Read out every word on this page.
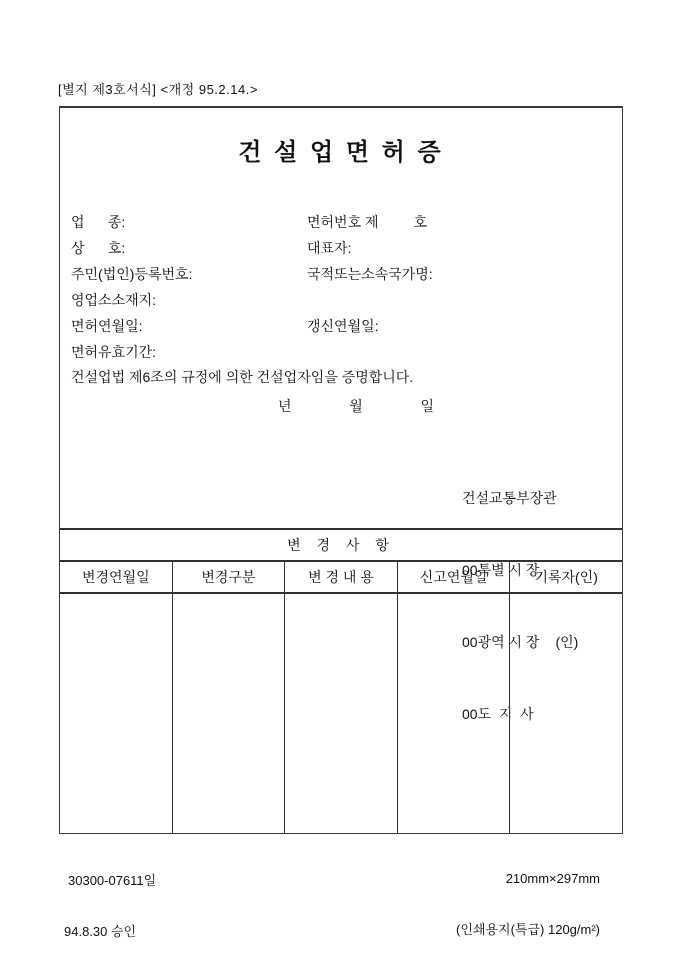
[별지 제3호서식] <개정 95.2.14.>
건 설 업 면 허 증
업      종:	면허번호 제         호
상      호:	대표자:
주민(법인)등록번호:	국적또는소속국가명:
영업소소재지:
면허연월일:	갱신연월일:
면허유효기간:
건설업법 제6조의 규정에 의한 건설업자임을 증명합니다.
년	월	일

건설교통부장관

00특별 시 장

00광역 시 장 (인)

00도  지  사

변 경 사 항
변경연월일	변경구분	변 경 내 용	신고연월일	기록자(인)

30300-07611일

94.8.30 승인

210mm×297mm

(인쇄용지(특급) 120g/m²)
